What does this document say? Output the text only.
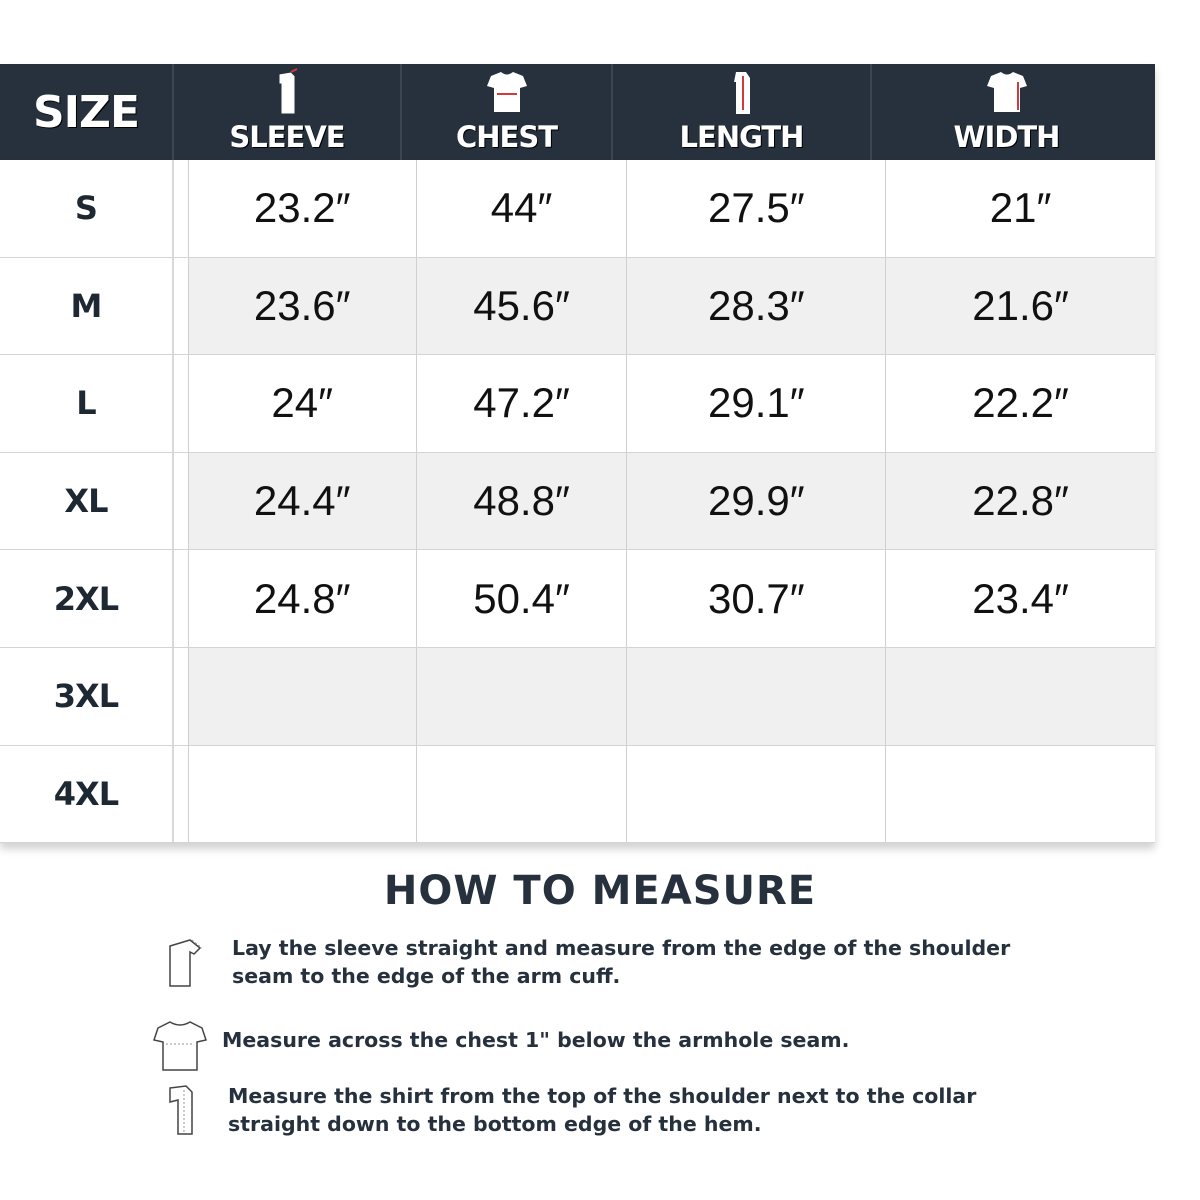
SIZE	SLEEVE	CHEST	LENGTH	WIDTH
S	23.2″	44″	27.5″	21″
M	23.6″	45.6″	28.3″	21.6″
L	24″	47.2″	29.1″	22.2″
XL	24.4″	48.8″	29.9″	22.8″
2XL	24.8″	50.4″	30.7″	23.4″
3XL
4XL
HOW TO MEASURE
Lay the sleeve straight and measure from the edge of the shoulder
seam to the edge of the arm cuff.
Measure across the chest 1" below the armhole seam.
Measure the shirt from the top of the shoulder next to the collar
straight down to the bottom edge of the hem.
